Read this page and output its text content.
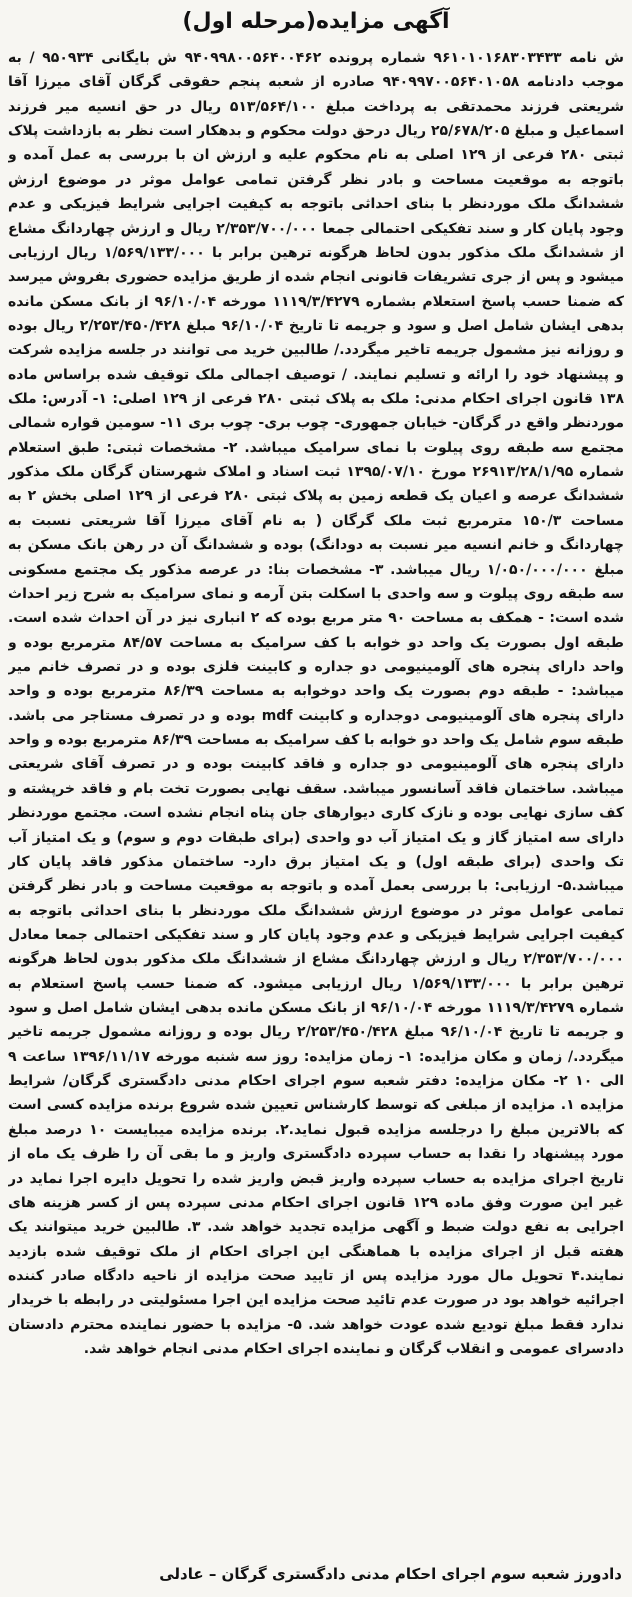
آگهی مزایده(مرحله اول)

ش نامه ۹۶۱۰۱۰۱۶۸۳۰۳۴۳۳ شماره پرونده ۹۴۰۹۹۸۰۰۵۶۴۰۰۴۶۲ ش بایگانی ۹۵۰۹۳۴ / به موجب دادنامه ۹۴۰۹۹۷۰۰۵۶۴۰۱۰۵۸ صادره از شعبه پنجم حقوقی گرگان آقای میرزا آقا شریعتی فرزند محمدتقی به پرداخت مبلغ ۵۱۳/۵۶۴/۱۰۰ ریال در حق انسیه میر فرزند اسماعیل و مبلغ ۲۵/۶۷۸/۲۰۵ ریال درحق دولت محکوم و بدهکار است نظر به بازداشت پلاک ثبتی ۲۸۰ فرعی از ۱۲۹ اصلی به نام محکوم علیه و ارزش ان با بررسی به عمل آمده و باتوجه به موقعیت مساحت و بادر نظر گرفتن تمامی عوامل موثر در موضوع ارزش ششدانگ ملک موردنظر با بنای احداثی باتوجه به کیفیت اجرایی شرایط فیزیکی و عدم وجود پایان کار و سند تفکیکی احتمالی جمعا ۲/۳۵۳/۷۰۰/۰۰۰ ریال و ارزش چهاردانگ مشاع از ششدانگ ملک مذکور بدون لحاظ هرگونه ترهین برابر با ۱/۵۶۹/۱۳۳/۰۰۰ ریال ارزیابی میشود و پس از جری تشریفات قانونی انجام شده از طریق مزایده حضوری بفروش میرسد که ضمنا حسب پاسخ استعلام بشماره ۱۱۱۹/۳/۴۲۷۹ مورخه ۹۶/۱۰/۰۴ از بانک مسکن مانده بدهی ایشان شامل اصل و سود و جریمه تا تاریخ ۹۶/۱۰/۰۴ مبلغ ۲/۲۵۳/۴۵۰/۴۲۸ ریال بوده و روزانه نیز مشمول جریمه تاخیر میگردد./ طالبین خرید می توانند در جلسه مزایده شرکت و پیشنهاد خود را ارائه و تسلیم نمایند. / توصیف اجمالی ملک توقیف شده براساس ماده ۱۳۸ قانون اجرای احکام مدنی: ملک به پلاک ثبتی ۲۸۰ فرعی از ۱۲۹ اصلی: ۱- آدرس: ملک موردنظر واقع در گرگان- خیابان جمهوری- چوب بری- چوب بری ۱۱- سومین قواره شمالی مجتمع سه طبقه روی پیلوت با نمای سرامیک میباشد. ۲- مشخصات ثبتی: طبق استعلام شماره ۲۶۹۱۳/۲۸/۱/۹۵ مورخ ۱۳۹۵/۰۷/۱۰ ثبت اسناد و املاک شهرستان گرگان ملک مذکور ششدانگ عرصه و اعیان یک قطعه زمین به پلاک ثبتی ۲۸۰ فرعی از ۱۲۹ اصلی بخش ۲ به مساحت ۱۵۰/۳ مترمربع ثبت ملک گرگان ( به نام آقای میرزا آقا شریعتی نسبت به چهاردانگ و خانم انسیه میر نسبت به دودانگ) بوده و ششدانگ آن در رهن بانک مسکن به مبلغ ۱/۰۵۰/۰۰۰/۰۰۰ ریال میباشد. ۳- مشخصات بنا: در عرصه مذکور یک مجتمع مسکونی سه طبقه روی پیلوت و سه واحدی با اسکلت بتن آرمه و نمای سرامیک به شرح زیر احداث شده است: - همکف به مساحت ۹۰ متر مربع بوده که ۲ انباری نیز در آن احداث شده است. طبقه اول بصورت یک واحد دو خوابه با کف سرامیک به مساحت ۸۴/۵۷ مترمربع بوده و واحد دارای پنجره های آلومینیومی دو جداره و کابینت فلزی بوده و در تصرف خانم میر میباشد: - طبقه دوم بصورت یک واحد دوخوابه به مساحت ۸۶/۳۹ مترمربع بوده و واحد دارای پنجره های آلومینیومی دوجداره و کابینت mdf بوده و در تصرف مستاجر می باشد. طبقه سوم شامل یک واحد دو خوابه با کف سرامیک به مساحت ۸۶/۳۹ مترمربع بوده و واحد دارای پنجره های آلومینیومی دو جداره و فاقد کابینت بوده و در تصرف آقای شریعتی میباشد. ساختمان فاقد آسانسور میباشد. سقف نهایی بصورت تخت بام و فاقد خرپشته و کف سازی نهایی بوده و نازک کاری دیوارهای جان پناه انجام نشده است. مجتمع موردنظر دارای سه امتیاز گاز و یک امتیاز آب دو واحدی (برای طبقات دوم و سوم) و یک امتیاز آب تک واحدی (برای طبقه اول) و یک امتیاز برق دارد- ساختمان مذکور فاقد پایان کار میباشد.۵- ارزیابی: با بررسی بعمل آمده و باتوجه به موقعیت مساحت و بادر نظر گرفتن تمامی عوامل موثر در موضوع ارزش ششدانگ ملک موردنظر با بنای احداثی باتوجه به کیفیت اجرایی شرایط فیزیکی و عدم وجود پایان کار و سند تفکیکی احتمالی جمعا معادل ۲/۳۵۳/۷۰۰/۰۰۰ ریال و ارزش چهاردانگ مشاع از ششدانگ ملک مذکور بدون لحاظ هرگونه ترهین برابر با ۱/۵۶۹/۱۳۳/۰۰۰ ریال ارزیابی میشود. که ضمنا حسب پاسخ استعلام به شماره ۱۱۱۹/۳/۴۲۷۹ مورخه ۹۶/۱۰/۰۴ از بانک مسکن مانده بدهی ایشان شامل اصل و سود و جریمه تا تاریخ ۹۶/۱۰/۰۴ مبلغ ۲/۲۵۳/۴۵۰/۴۲۸ ریال بوده و روزانه مشمول جریمه تاخیر میگردد./ زمان و مکان مزایده: ۱- زمان مزایده: روز سه شنبه مورخه ۱۳۹۶/۱۱/۱۷ ساعت ۹ الی ۱۰ ۲- مکان مزایده: دفتر شعبه سوم اجرای احکام مدنی دادگستری گرگان/ شرایط مزایده ۱. مزایده از مبلغی که توسط کارشناس تعیین شده شروع برنده مزایده کسی است که بالاترین مبلغ را درجلسه مزایده قبول نماید.۲. برنده مزایده میبایست ۱۰ درصد مبلغ مورد پیشنهاد را نقدا به حساب سپرده دادگستری واریز و ما بقی آن را ظرف یک ماه از تاریخ اجرای مزایده به حساب سپرده واریز قبض واریز شده را تحویل دایره اجرا نماید در غیر این صورت وفق ماده ۱۲۹ قانون اجرای احکام مدنی سپرده پس از کسر هزینه های اجرایی به نفع دولت ضبط و آگهی مزایده تجدید خواهد شد. ۳. طالبین خرید میتوانند یک هفته قبل از اجرای مزایده با هماهنگی این اجرای احکام از ملک توقیف شده بازدید نمایند.۴ تحویل مال مورد مزایده پس از تایید صحت مزایده از ناحیه دادگاه صادر کننده اجرائیه خواهد بود در صورت عدم تائید صحت مزایده این اجرا مسئولیتی در رابطه با خریدار ندارد فقط مبلغ تودیع شده عودت خواهد شد. ۵- مزایده با حضور نماینده محترم دادستان دادسرای عمومی و انقلاب گرگان و نماینده اجرای احکام مدنی انجام خواهد شد.

دادورز شعبه سوم اجرای احکام مدنی دادگستری گرگان – عادلی
